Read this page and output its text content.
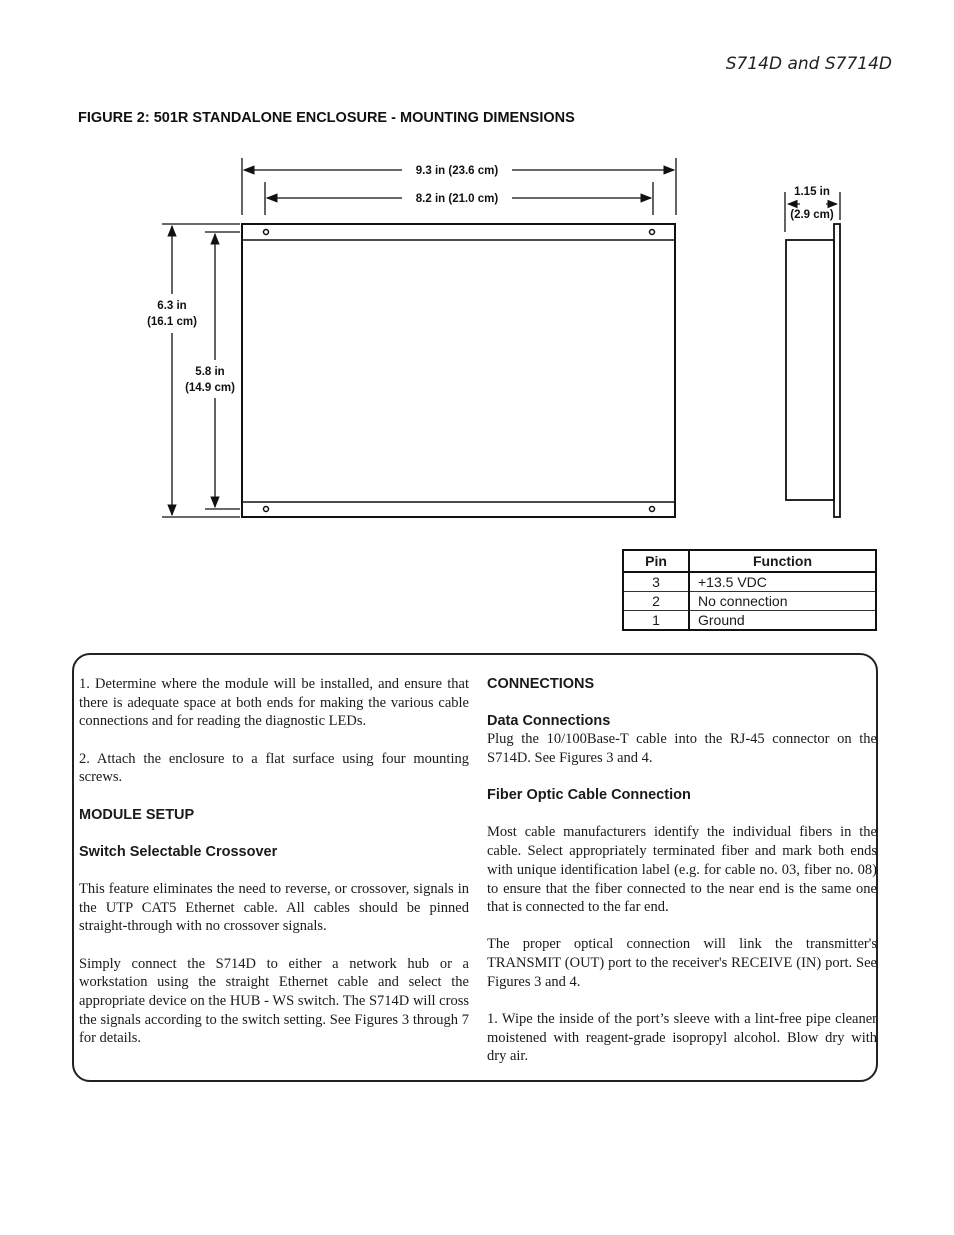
S714D and S7714D
FIGURE 2: 501R STANDALONE ENCLOSURE - MOUNTING DIMENSIONS
9.3 in (23.6 cm)
8.2 in (21.0 cm)
6.3 in
(16.1 cm)
5.8 in
(14.9 cm)
1.15 in
(2.9 cm)
Pin	Function
3	+13.5 VDC
2	No connection
1	Ground

1. Determine where the module will be installed, and ensure that there is adequate space at both ends for making the various cable connections and for reading the diagnostic LEDs.

2. Attach the enclosure to a flat surface using four mounting screws.

MODULE SETUP

Switch Selectable Crossover

This feature eliminates the need to reverse, or crossover, signals in the UTP CAT5 Ethernet cable. All cables should be pinned straight-through with no crossover signals.

Simply connect the S714D to either a network hub or a workstation using the straight Ethernet cable and select the appropriate device on the HUB - WS switch. The S714D will cross the signals according to the switch setting. See Figures 3 through 7 for details.

CONNECTIONS

Data Connections

Plug the 10/100Base-T cable into the RJ-45 connector on the S714D. See Figures 3 and 4.

Fiber Optic Cable Connection

Most cable manufacturers identify the individual fibers in the cable. Select appropriately terminated fiber and mark both ends with unique identification label (e.g. for cable no. 03, fiber no. 08) to ensure that the fiber connected to the near end is the same one that is connected to the far end.

The proper optical connection will link the transmitter's TRANSMIT (OUT) port to the receiver's RECEIVE (IN) port. See Figures 3 and 4.

1. Wipe the inside of the port’s sleeve with a lint-free pipe cleaner moistened with reagent-grade isopropyl alcohol. Blow dry with dry air.
